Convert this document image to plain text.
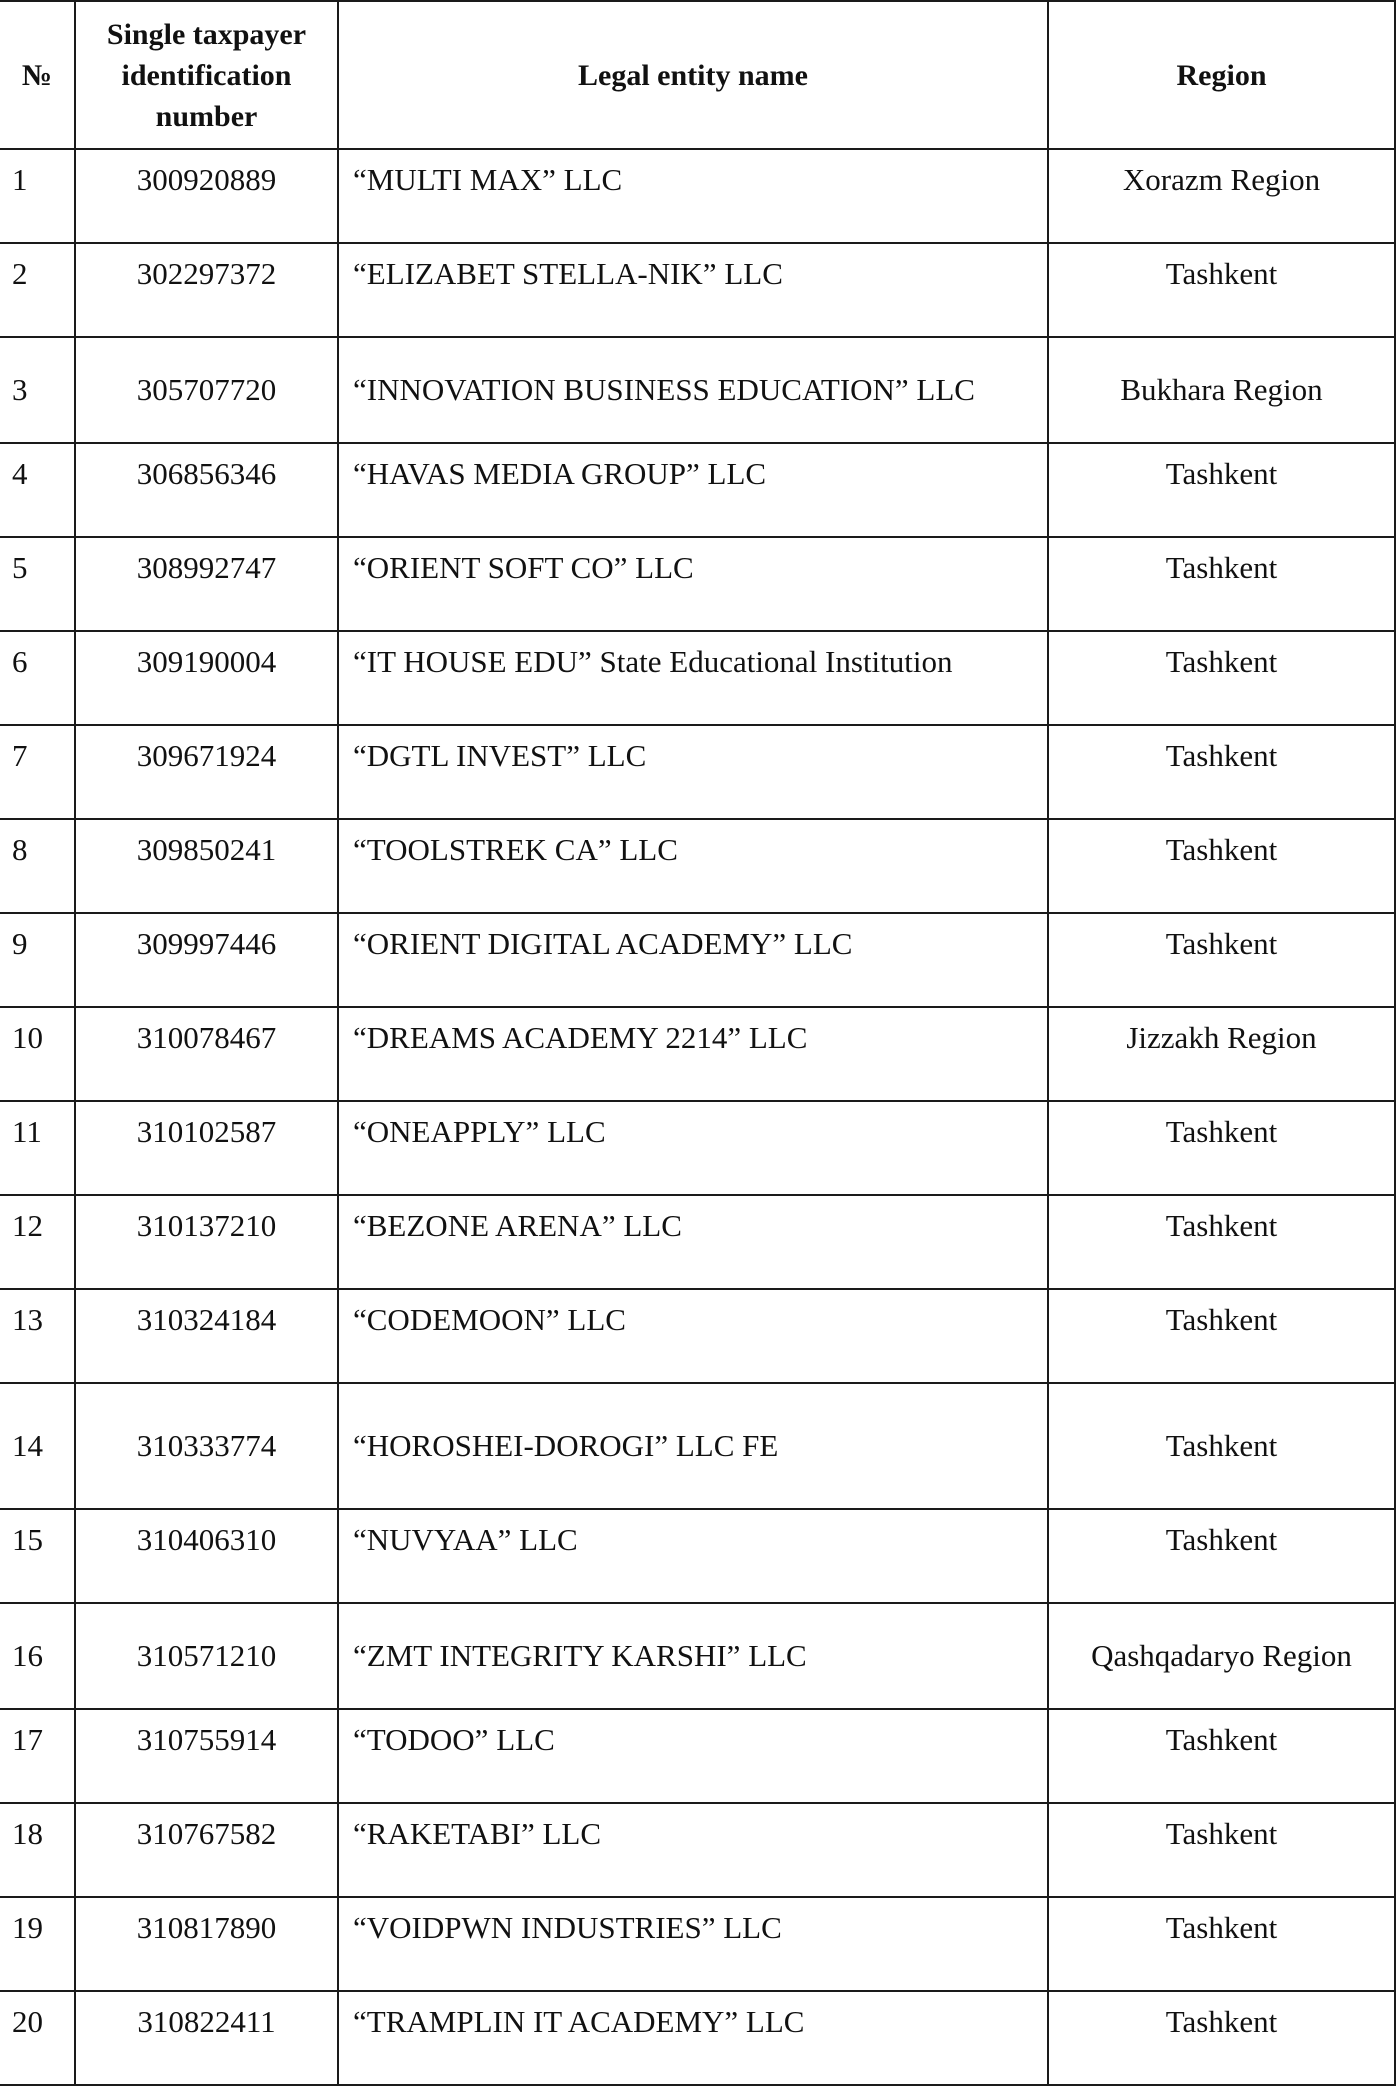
№	Single taxpayer identification number	Legal entity name	Region
1	300920889	“MULTI MAX” LLC	Xorazm Region
2	302297372	“ELIZABET STELLA-NIK” LLC	Tashkent
3	305707720	“INNOVATION BUSINESS EDUCATION” LLC	Bukhara Region
4	306856346	“HAVAS MEDIA GROUP” LLC	Tashkent
5	308992747	“ORIENT SOFT CO” LLC	Tashkent
6	309190004	“IT HOUSE EDU” State Educational Institution	Tashkent
7	309671924	“DGTL INVEST” LLC	Tashkent
8	309850241	“TOOLSTREK CA” LLC	Tashkent
9	309997446	“ORIENT DIGITAL ACADEMY” LLC	Tashkent
10	310078467	“DREAMS ACADEMY 2214” LLC	Jizzakh Region
11	310102587	“ONEAPPLY” LLC	Tashkent
12	310137210	“BEZONE ARENA” LLC	Tashkent
13	310324184	“CODEMOON” LLC	Tashkent
14	310333774	“HOROSHEI-DOROGI” LLC FE	Tashkent
15	310406310	“NUVYAA” LLC	Tashkent
16	310571210	“ZMT INTEGRITY KARSHI” LLC	Qashqadaryo Region
17	310755914	“TODOO” LLC	Tashkent
18	310767582	“RAKETABI” LLC	Tashkent
19	310817890	“VOIDPWN INDUSTRIES” LLC	Tashkent
20	310822411	“TRAMPLIN IT ACADEMY” LLC	Tashkent
